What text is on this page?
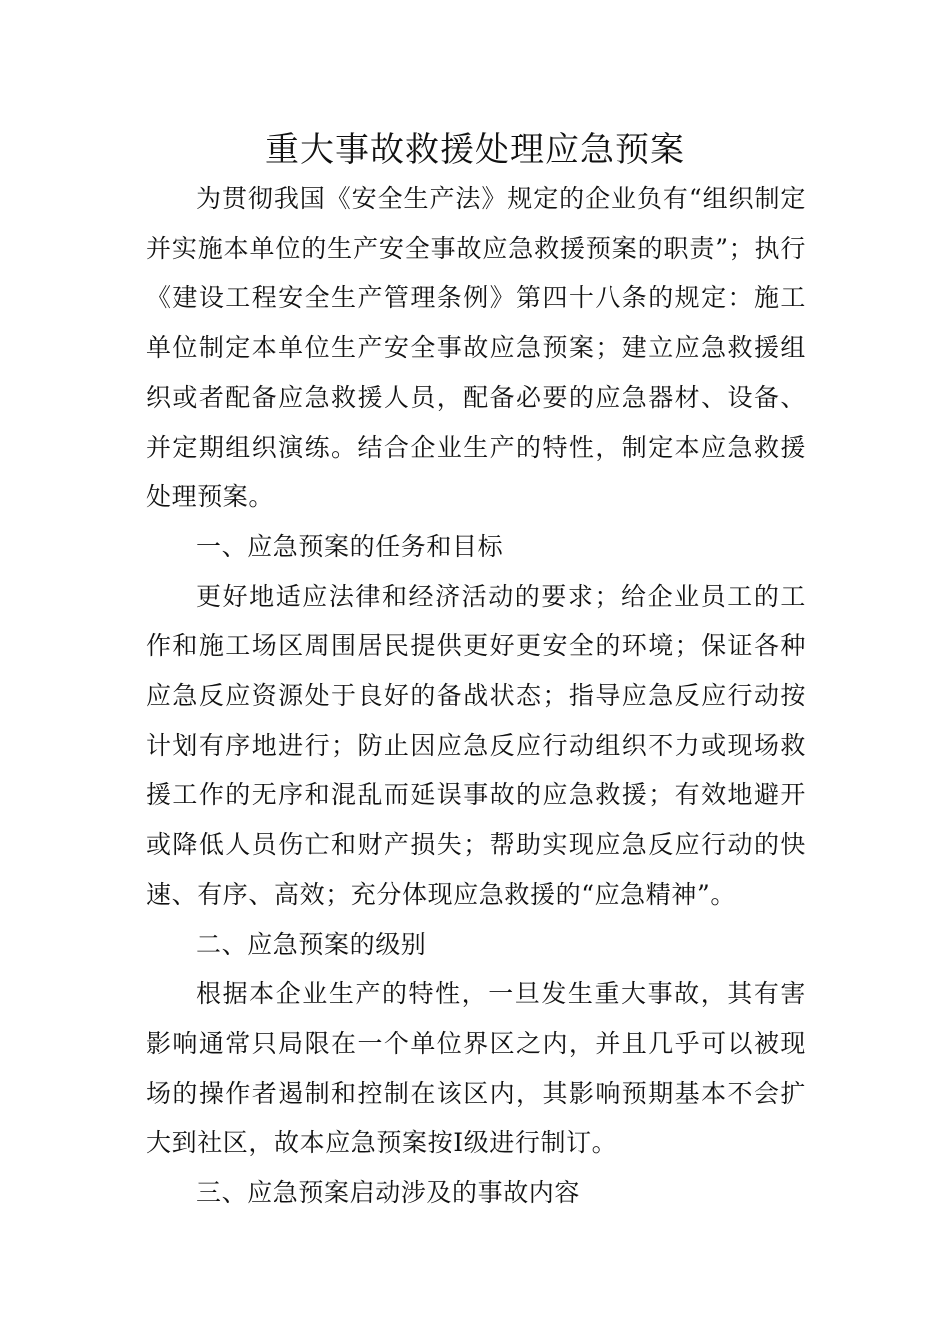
重大事故救援处理应急预案

为贯彻我国《安全生产法》规定的企业负有“组织制定并实施本单位的生产安全事故应急救援预案的职责”；执行《建设工程安全生产管理条例》第四十八条的规定：施工单位制定本单位生产安全事故应急预案；建立应急救援组织或者配备应急救援人员，配备必要的应急器材、设备、并定期组织演练。结合企业生产的特性，制定本应急救援处理预案。

一、应急预案的任务和目标

更好地适应法律和经济活动的要求；给企业员工的工作和施工场区周围居民提供更好更安全的环境；保证各种应急反应资源处于良好的备战状态；指导应急反应行动按计划有序地进行；防止因应急反应行动组织不力或现场救援工作的无序和混乱而延误事故的应急救援；有效地避开或降低人员伤亡和财产损失；帮助实现应急反应行动的快速、有序、高效；充分体现应急救援的“应急精神”。

二、应急预案的级别

根据本企业生产的特性，一旦发生重大事故，其有害影响通常只局限在一个单位界区之内，并且几乎可以被现场的操作者遏制和控制在该区内，其影响预期基本不会扩大到社区，故本应急预案按Ⅰ级进行制订。

三、应急预案启动涉及的事故内容
